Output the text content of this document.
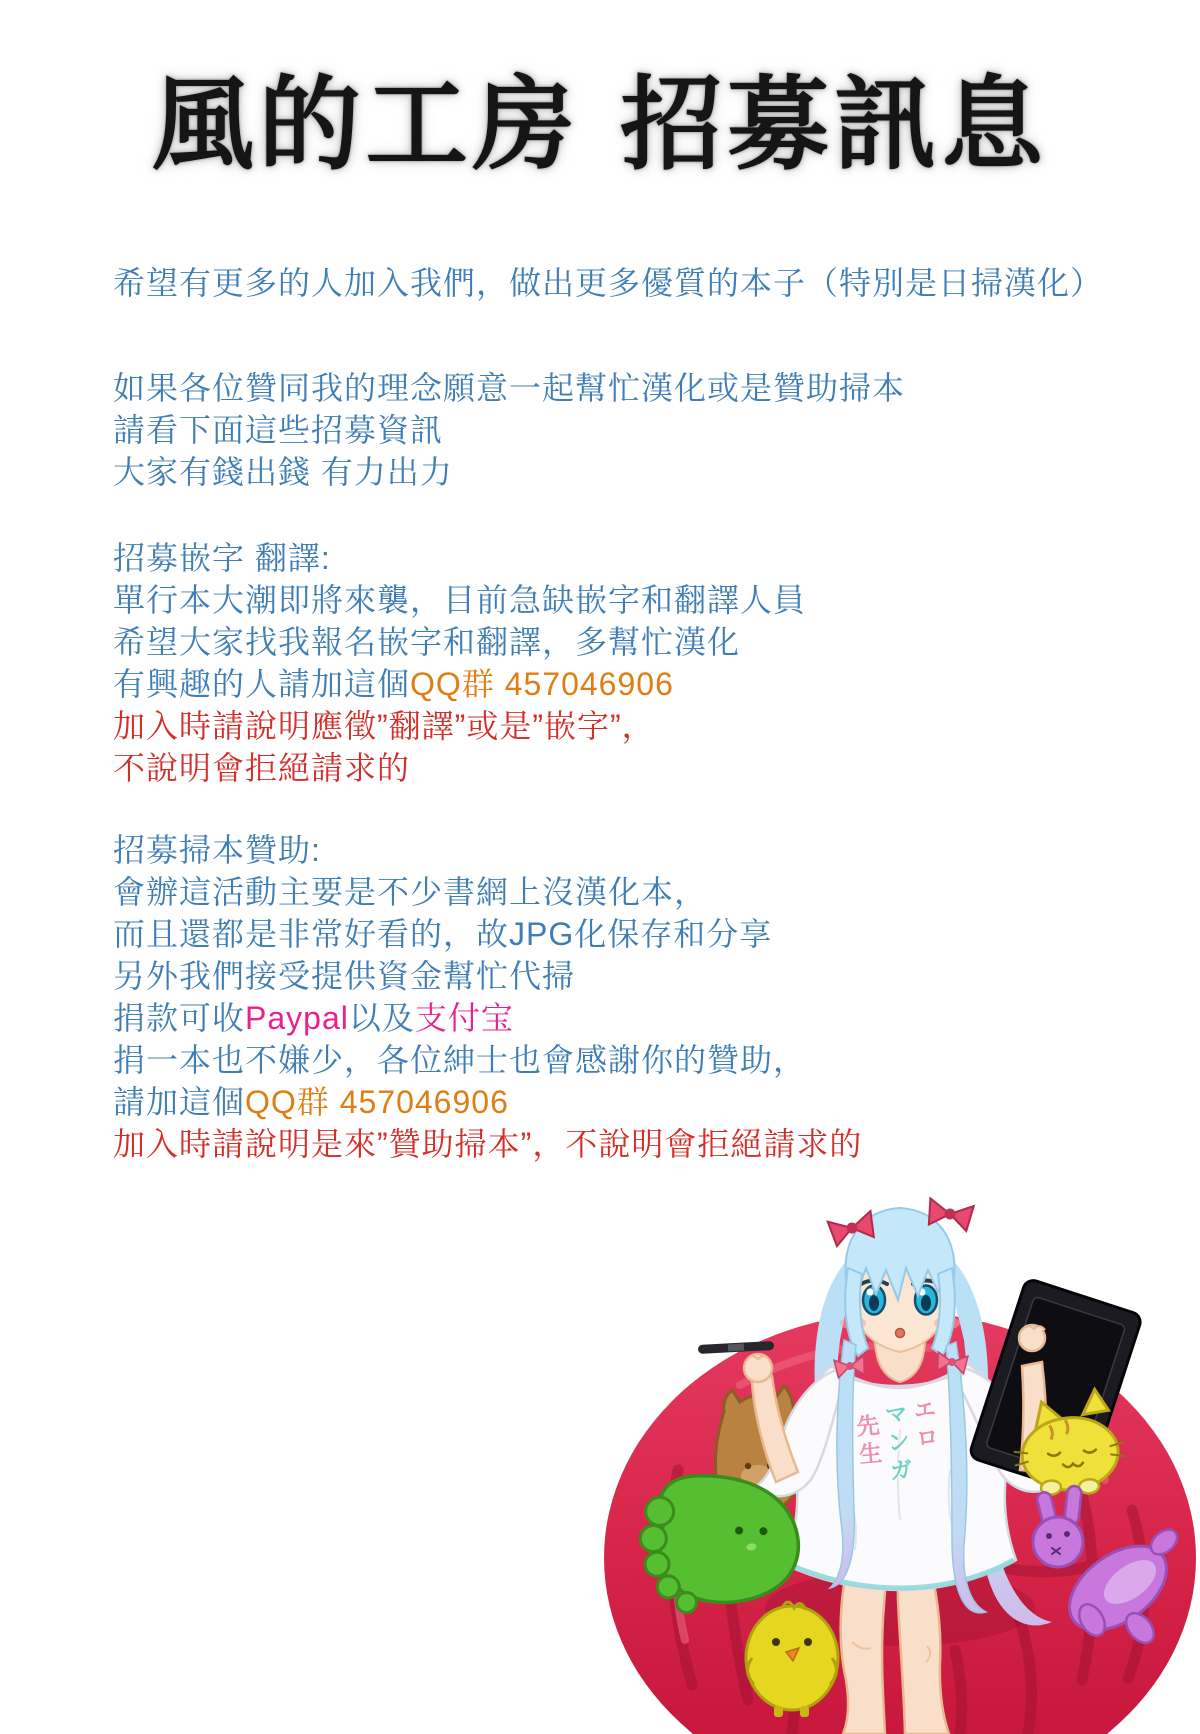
風的工房 招募訊息
希望有更多的人加入我們，做出更多優質的本子（特別是日掃漢化）
如果各位贊同我的理念願意一起幫忙漢化或是贊助掃本
請看下面這些招募資訊
大家有錢出錢 有力出力
招募嵌字 翻譯:
單行本大潮即將來襲，目前急缺嵌字和翻譯人員
希望大家找我報名嵌字和翻譯，多幫忙漢化
有興趣的人請加這個QQ群 457046906
加入時請說明應徵”翻譯”或是”嵌字”，
不說明會拒絕請求的
招募掃本贊助:
會辦這活動主要是不少書網上沒漢化本，
而且還都是非常好看的，故JPG化保存和分享
另外我們接受提供資金幫忙代掃
捐款可收Paypal以及支付宝
捐一本也不嫌少，各位紳士也會感謝你的贊助，
請加這個QQ群 457046906
加入時請說明是來”贊助掃本”，不說明會拒絕請求的
エロ
マンガ
先生
